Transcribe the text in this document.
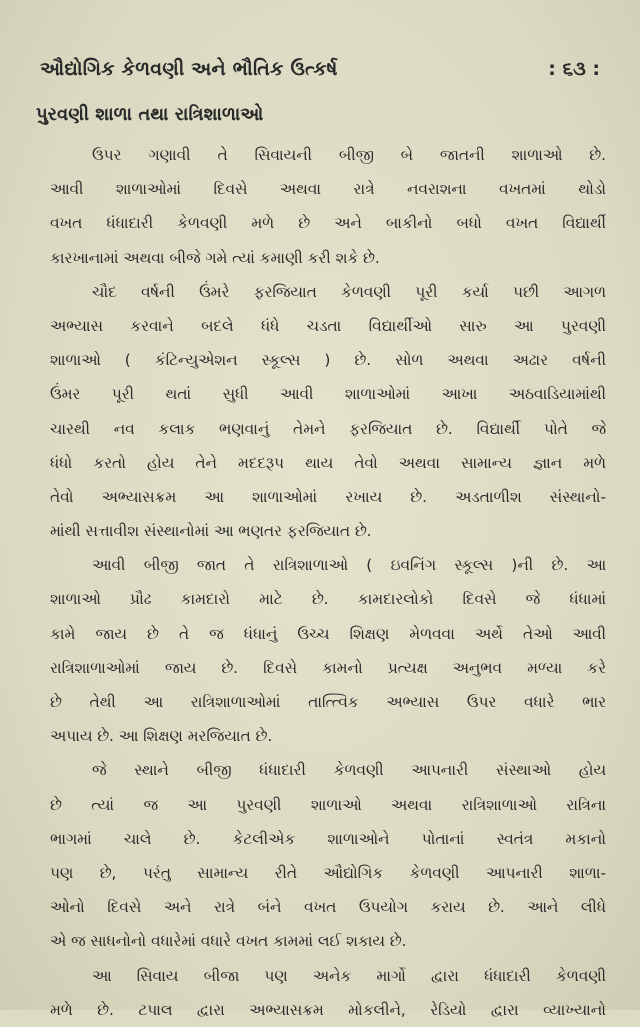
ઔદ્યોગિક કેળવણી અને ભૌતિક ઉત્કર્ષ	: ૬૩ :
પુરવણી શાળા તથા રાત્રિશાળાઓ
ઉપર ગણાવી તે સિવાયની બીજી બે જાતની શાળાઓ છે.
આવી શાળાઓમાં દિવસે અથવા રાત્રે નવરાશના વખતમાં થોડો
વખત ધંધાદારી કેળવણી મળે છે અને બાકીનો બધો વખત વિદ્યાર્થી
કારખાનામાં અથવા બીજે ગમે ત્યાં કમાણી કરી શકે છે.
ચૌદ વર્ષની ઉંમરે ફરજિયાત કેળવણી પૂરી કર્યા પછી આગળ
અભ્યાસ કરવાને બદલે ધંધે ચડતા વિદ્યાર્થીઓ સારુ આ પુરવણી
શાળાઓ ( કંટિન્યુએશન સ્કૂલ્સ ) છે. સોળ અથવા અઢાર વર્ષની
ઉંમર પૂરી થતાં સુધી આવી શાળાઓમાં આખા અઠવાડિયામાંથી
ચારથી નવ કલાક ભણવાનું તેમને ફરજિયાત છે. વિદ્યાર્થી પોતે જે
ધંધો કરતો હોય તેને મદદરૂપ થાય તેવો અથવા સામાન્ય જ્ઞાન મળે
તેવો અભ્યાસક્રમ આ શાળાઓમાં રખાય છે. અડતાળીશ સંસ્થાનો-
માંથી સત્તાવીશ સંસ્થાનોમાં આ ભણતર ફરજિયાત છે.
આવી બીજી જાત તે રાત્રિશાળાઓ ( ઇવનિંગ સ્કૂલ્સ )ની છે. આ
શાળાઓ પ્રૌઢ કામદારો માટે છે. કામદારલોકો દિવસે જે ધંધામાં
કામે જાય છે તે જ ધંધાનું ઉચ્ચ શિક્ષણ મેળવવા અર્થે તેઓ આવી
રાત્રિશાળાઓમાં જાય છે. દિવસે કામનો પ્રત્યક્ષ અનુભવ મળ્યા કરે
છે તેથી આ રાત્રિશાળાઓમાં તાત્ત્વિક અભ્યાસ ઉપર વધારે ભાર
અપાય છે. આ શિક્ષણ મરજિયાત છે.
જે સ્થાને બીજી ધંધાદારી કેળવણી આપનારી સંસ્થાઓ હોય
છે ત્યાં જ આ પુરવણી શાળાઓ અથવા રાત્રિશાળાઓ રાત્રિના
ભાગમાં ચાલે છે. કેટલીએક શાળાઓને પોતાનાં સ્વતંત્ર મકાનો
પણ છે, પરંતુ સામાન્ય રીતે ઔદ્યોગિક કેળવણી આપનારી શાળા-
ઓનો દિવસે અને રાત્રે બંને વખત ઉપયોગ કરાય છે. આને લીધે
એ જ સાધનોનો વધારેમાં વધારે વખત કામમાં લઈ શકાય છે.
આ સિવાય બીજા પણ અનેક માર્ગો દ્વારા ધંધાદારી કેળવણી
મળે છે. ટપાલ દ્વારા અભ્યાસક્રમ મોકલીને, રેડિયો દ્વારા વ્યાખ્યાનો
